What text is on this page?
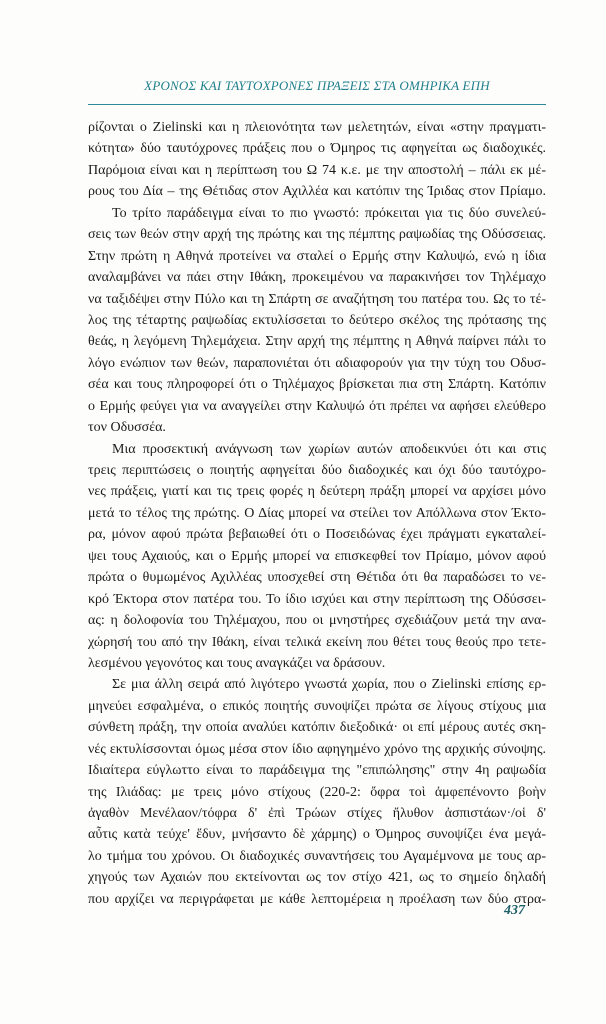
ΧΡΟΝΟΣ ΚΑΙ ΤΑΥΤΟΧΡΟΝΕΣ ΠΡΑΞΕΙΣ ΣΤΑ ΟΜΗΡΙΚΑ ΕΠΗ
ρίζονται ο Zielinski και η πλειονότητα των μελετητών, είναι «στην πραγματι-
κότητα» δύο ταυτόχρονες πράξεις που ο Όμηρος τις αφηγείται ως διαδοχικές.
Παρόμοια είναι και η περίπτωση του Ω 74 κ.ε. με την αποστολή – πάλι εκ μέ-
ρους του Δία – της Θέτιδας στον Αχιλλέα και κατόπιν της Ίριδας στον Πρίαμο.
Το τρίτο παράδειγμα είναι το πιο γνωστό: πρόκειται για τις δύο συνελεύ-
σεις των θεών στην αρχή της πρώτης και της πέμπτης ραψωδίας της Οδύσσειας.
Στην πρώτη η Αθηνά προτείνει να σταλεί ο Ερμής στην Καλυψώ, ενώ η ίδια
αναλαμβάνει να πάει στην Ιθάκη, προκειμένου να παρακινήσει τον Τηλέμαχο
να ταξιδέψει στην Πύλο και τη Σπάρτη σε αναζήτηση του πατέρα του. Ως το τέ-
λος της τέταρτης ραψωδίας εκτυλίσσεται το δεύτερο σκέλος της πρότασης της
θεάς, η λεγόμενη Τηλεμάχεια. Στην αρχή της πέμπτης η Αθηνά παίρνει πάλι το
λόγο ενώπιον των θεών, παραπονιέται ότι αδιαφορούν για την τύχη του Οδυσ-
σέα και τους πληροφορεί ότι ο Τηλέμαχος βρίσκεται πια στη Σπάρτη. Κατόπιν
ο Ερμής φεύγει για να αναγγείλει στην Καλυψώ ότι πρέπει να αφήσει ελεύθερο
τον Οδυσσέα.
Μια προσεκτική ανάγνωση των χωρίων αυτών αποδεικνύει ότι και στις
τρεις περιπτώσεις ο ποιητής αφηγείται δύο διαδοχικές και όχι δύο ταυτόχρο-
νες πράξεις, γιατί και τις τρεις φορές η δεύτερη πράξη μπορεί να αρχίσει μόνο
μετά το τέλος της πρώτης. Ο Δίας μπορεί να στείλει τον Απόλλωνα στον Έκτο-
ρα, μόνον αφού πρώτα βεβαιωθεί ότι ο Ποσειδώνας έχει πράγματι εγκαταλεί-
ψει τους Αχαιούς, και ο Ερμής μπορεί να επισκεφθεί τον Πρίαμο, μόνον αφού
πρώτα ο θυμωμένος Αχιλλέας υποσχεθεί στη Θέτιδα ότι θα παραδώσει το νε-
κρό Έκτορα στον πατέρα του. Το ίδιο ισχύει και στην περίπτωση της Οδύσσει-
ας: η δολοφονία του Τηλέμαχου, που οι μνηστήρες σχεδιάζουν μετά την ανα-
χώρησή του από την Ιθάκη, είναι τελικά εκείνη που θέτει τους θεούς προ τετε-
λεσμένου γεγονότος και τους αναγκάζει να δράσουν.
Σε μια άλλη σειρά από λιγότερο γνωστά χωρία, που ο Zielinski επίσης ερ-
μηνεύει εσφαλμένα, ο επικός ποιητής συνοψίζει πρώτα σε λίγους στίχους μια
σύνθετη πράξη, την οποία αναλύει κατόπιν διεξοδικά· οι επί μέρους αυτές σκη-
νές εκτυλίσσονται όμως μέσα στον ίδιο αφηγημένο χρόνο της αρχικής σύνοψης.
Ιδιαίτερα εύγλωττο είναι το παράδειγμα της "επιπώλησης" στην 4η ραψωδία
της Ιλιάδας: με τρεις μόνο στίχους (220-2: ὄφρα τοὶ ἀμφεπένοντο βοὴν
ἀγαθὸν Μενέλαον/τόφρα δ' ἐπὶ Τρώων στίχες ἤλυθον ἀσπιστάων·/οἱ δ'
αὖτις κατὰ τεύχε' ἔδυν, μνήσαντο δὲ χάρμης) ο Όμηρος συνοψίζει ένα μεγά-
λο τμήμα του χρόνου. Οι διαδοχικές συναντήσεις του Αγαμέμνονα με τους αρ-
χηγούς των Αχαιών που εκτείνονται ως τον στίχο 421, ως το σημείο δηλαδή
που αρχίζει να περιγράφεται με κάθε λεπτομέρεια η προέλαση των δύο στρα-
437
